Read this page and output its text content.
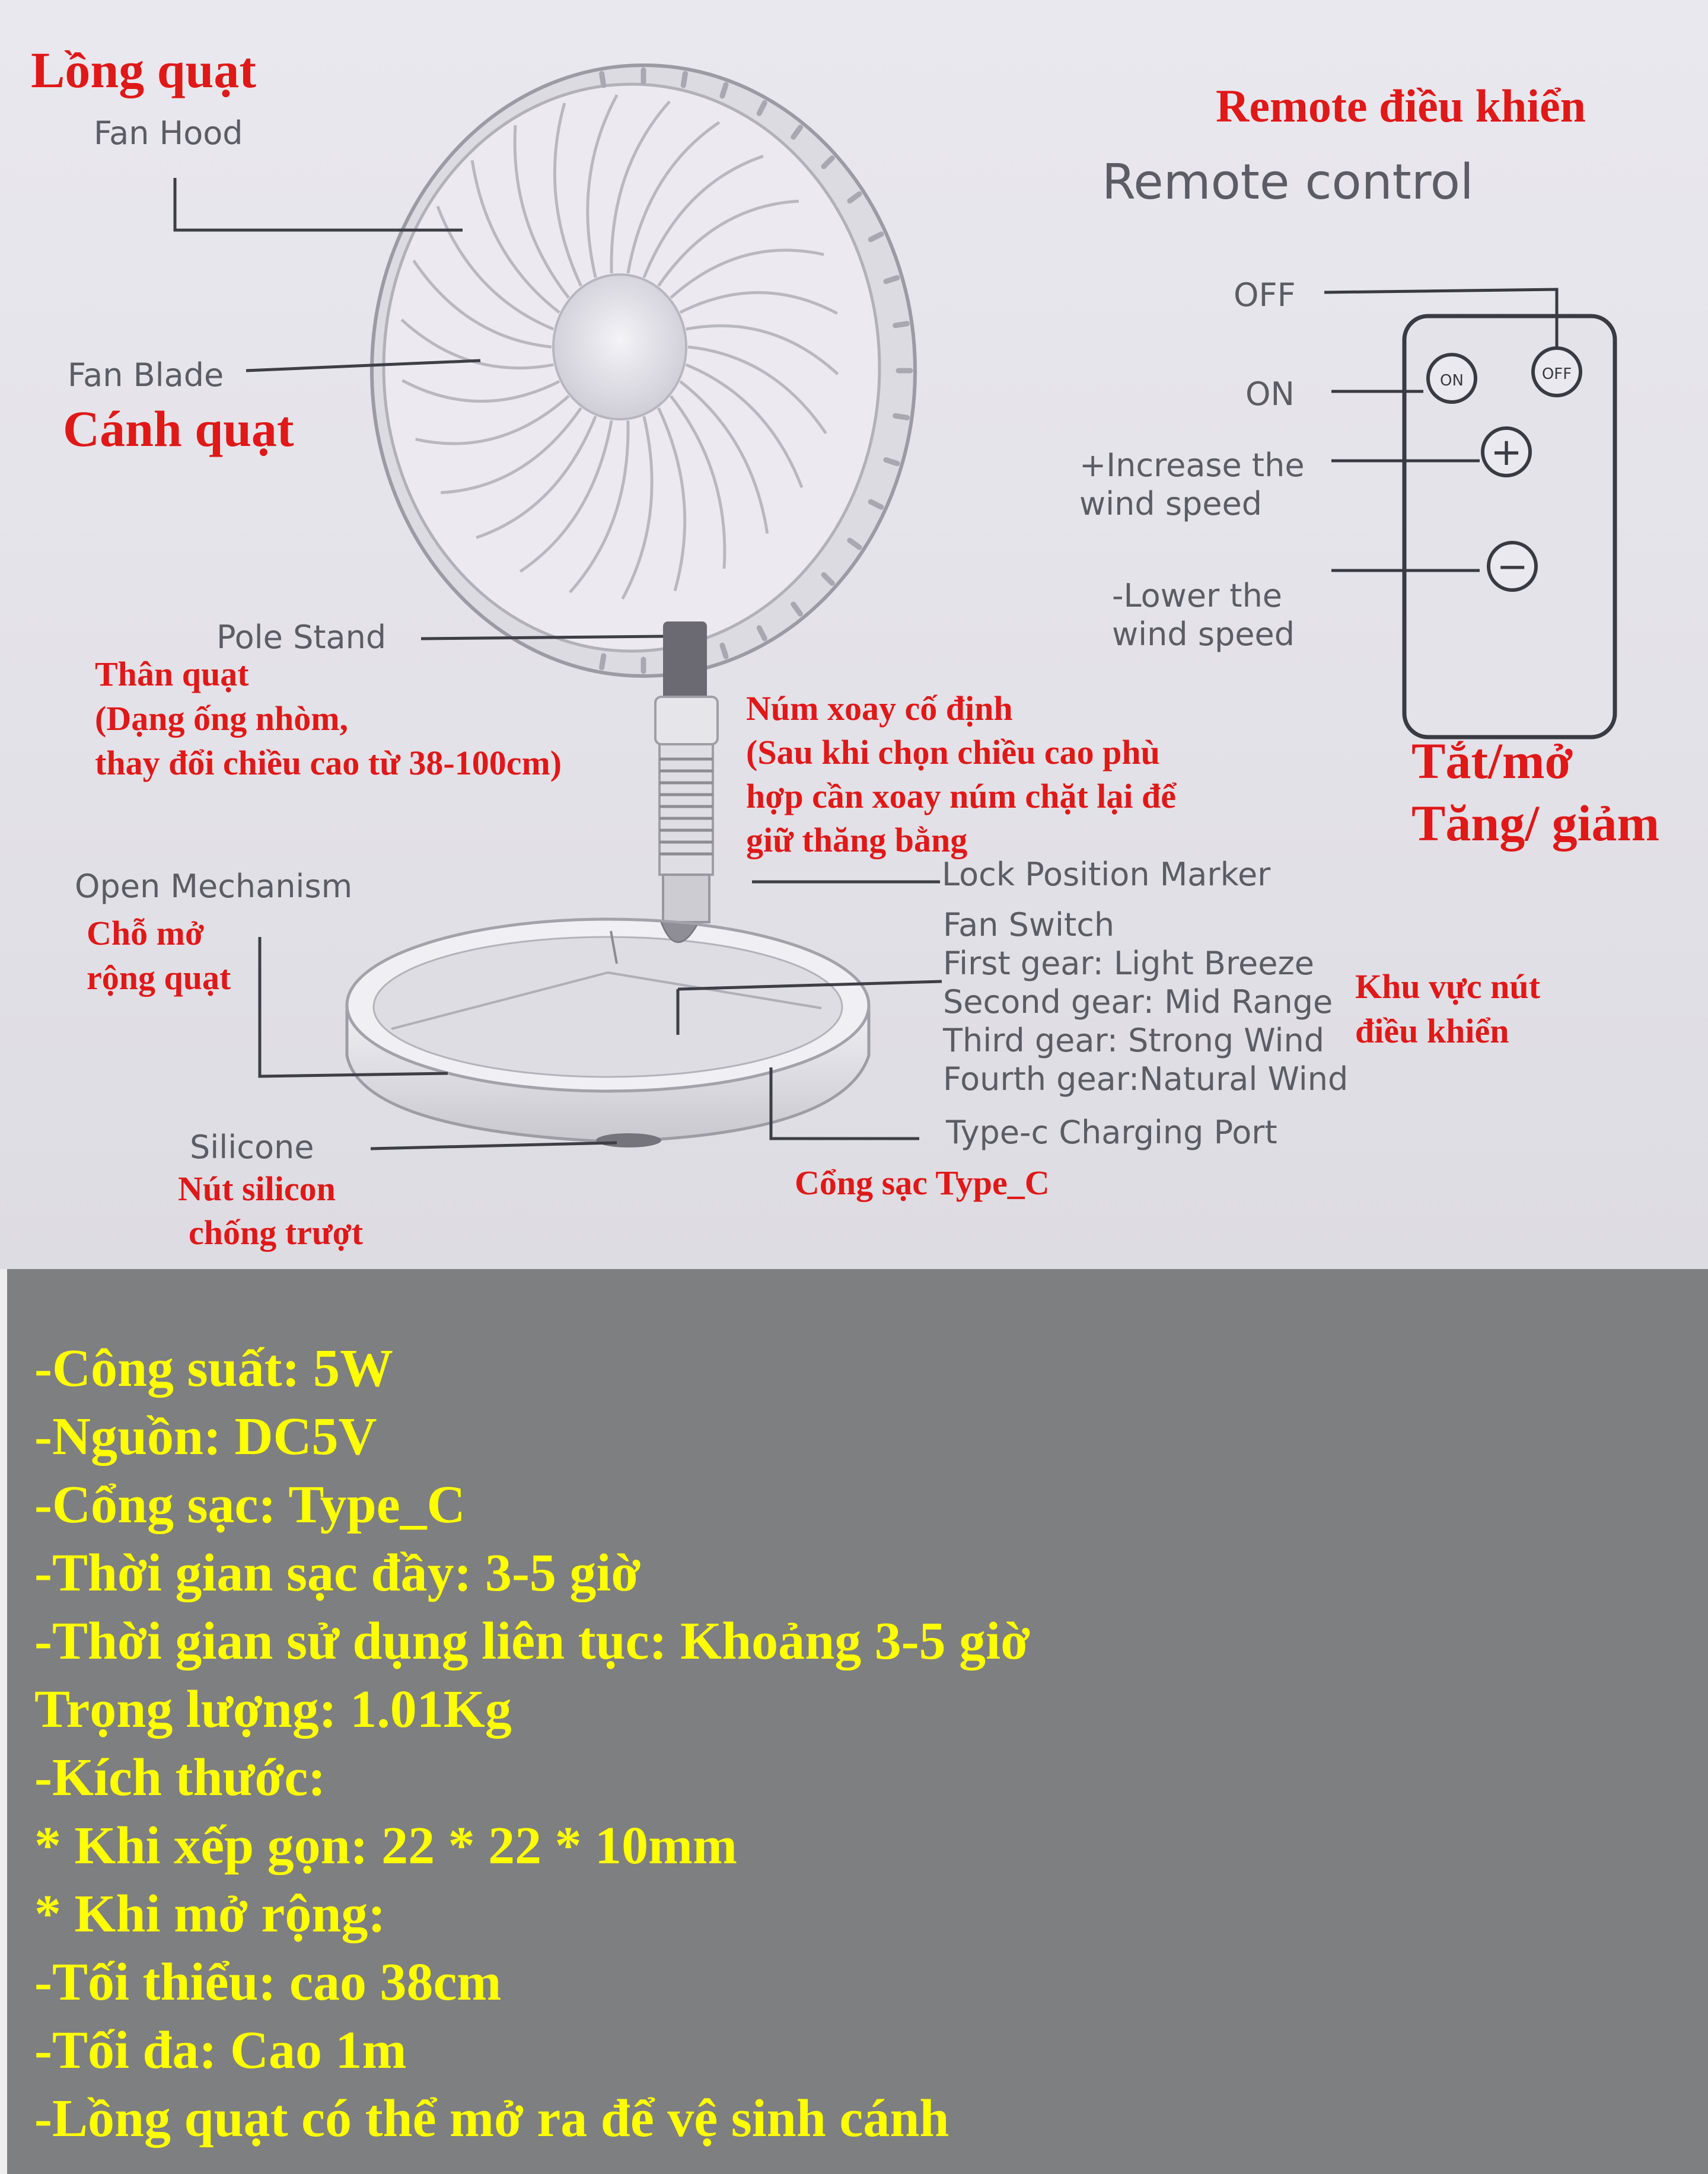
ON	OFF
+
−
Lồng quạt
Fan Hood
Fan Blade
Cánh quạt
Pole Stand
Thân quạt
(Dạng ống nhòm,
thay đổi chiều cao từ 38-100cm)
Núm xoay cố định
(Sau khi chọn chiều cao phù
hợp cần xoay núm chặt lại để
giữ thăng bằng
Lock Position Marker
Open Mechanism
Chỗ mở
rộng quạt
Fan Switch
First gear: Light Breeze
Second gear: Mid Range
Third gear: Strong Wind
Fourth gear:Natural Wind
Khu vực nút
điều khiển
Type-c Charging Port
Cổng sạc Type_C
Silicone
Nút silicon
chống trượt
Remote điều khiển
Remote control
OFF
ON
+Increase the
wind speed
-Lower the
wind speed
Tắt/mở
Tăng/ giảm
-Công suất: 5W
-Nguồn: DC5V
-Cổng sạc: Type_C
-Thời gian sạc đầy: 3-5 giờ
-Thời gian sử dụng liên tục: Khoảng 3-5 giờ
Trọng lượng: 1.01Kg
-Kích thước:
* Khi xếp gọn: 22 * 22 * 10mm
* Khi mở rộng:
-Tối thiểu: cao 38cm
-Tối đa: Cao 1m
-Lồng quạt có thể mở ra để vệ sinh cánh
